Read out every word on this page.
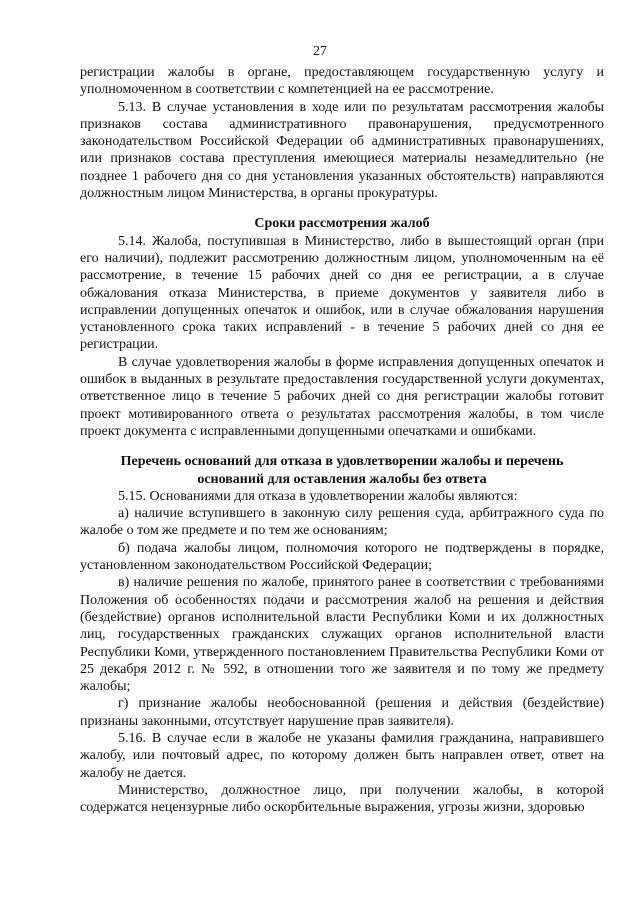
27

регистрации жалобы в органе, предоставляющем государственную услугу и уполномоченном в соответствии с компетенцией на ее рассмотрение.

5.13. В случае установления в ходе или по результатам рассмотрения жалобы признаков состава административного правонарушения, предусмотренного законодательством Российской Федерации об административных правонарушениях, или признаков состава преступления имеющиеся материалы незамедлительно (не позднее 1 рабочего дня со дня установления указанных обстоятельств) направляются должностным лицом Министерства, в органы прокуратуры.

Сроки рассмотрения жалоб

5.14. Жалоба, поступившая в Министерство, либо в вышестоящий орган (при его наличии), подлежит рассмотрению должностным лицом, уполномоченным на её рассмотрение, в течение 15 рабочих дней со дня ее регистрации, а в случае обжалования отказа Министерства, в приеме документов у заявителя либо в исправлении допущенных опечаток и ошибок, или в случае обжалования нарушения установленного срока таких исправлений - в течение 5 рабочих дней со дня ее регистрации.

В случае удовлетворения жалобы в форме исправления допущенных опечаток и ошибок в выданных в результате предоставления государственной услуги документах, ответственное лицо в течение 5 рабочих дней со дня регистрации жалобы готовит проект мотивированного ответа о результатах рассмотрения жалобы, в том числе проект документа с исправленными допущенными опечатками и ошибками.

Перечень оснований для отказа в удовлетворении жалобы и перечень
оснований для оставления жалобы без ответа

5.15. Основаниями для отказа в удовлетворении жалобы являются:

а) наличие вступившего в законную силу решения суда, арбитражного суда по жалобе о том же предмете и по тем же основаниям;

б) подача жалобы лицом, полномочия которого не подтверждены в порядке, установленном законодательством Российской Федерации;

в) наличие решения по жалобе, принятого ранее в соответствии с требованиями Положения об особенностях подачи и рассмотрения жалоб на решения и действия (бездействие) органов исполнительной власти Республики Коми и их должностных лиц, государственных гражданских служащих органов исполнительной власти Республики Коми, утвержденного постановлением Правительства Республики Коми от 25 декабря 2012 г. № 592, в отношении того же заявителя и по тому же предмету жалобы;

г) признание жалобы необоснованной (решения и действия (бездействие) признаны законными, отсутствует нарушение прав заявителя).

5.16. В случае если в жалобе не указаны фамилия гражданина, направившего жалобу, или почтовый адрес, по которому должен быть направлен ответ, ответ на жалобу не дается.

Министерство, должностное лицо, при получении жалобы, в которой содержатся нецензурные либо оскорбительные выражения, угрозы жизни, здоровью
